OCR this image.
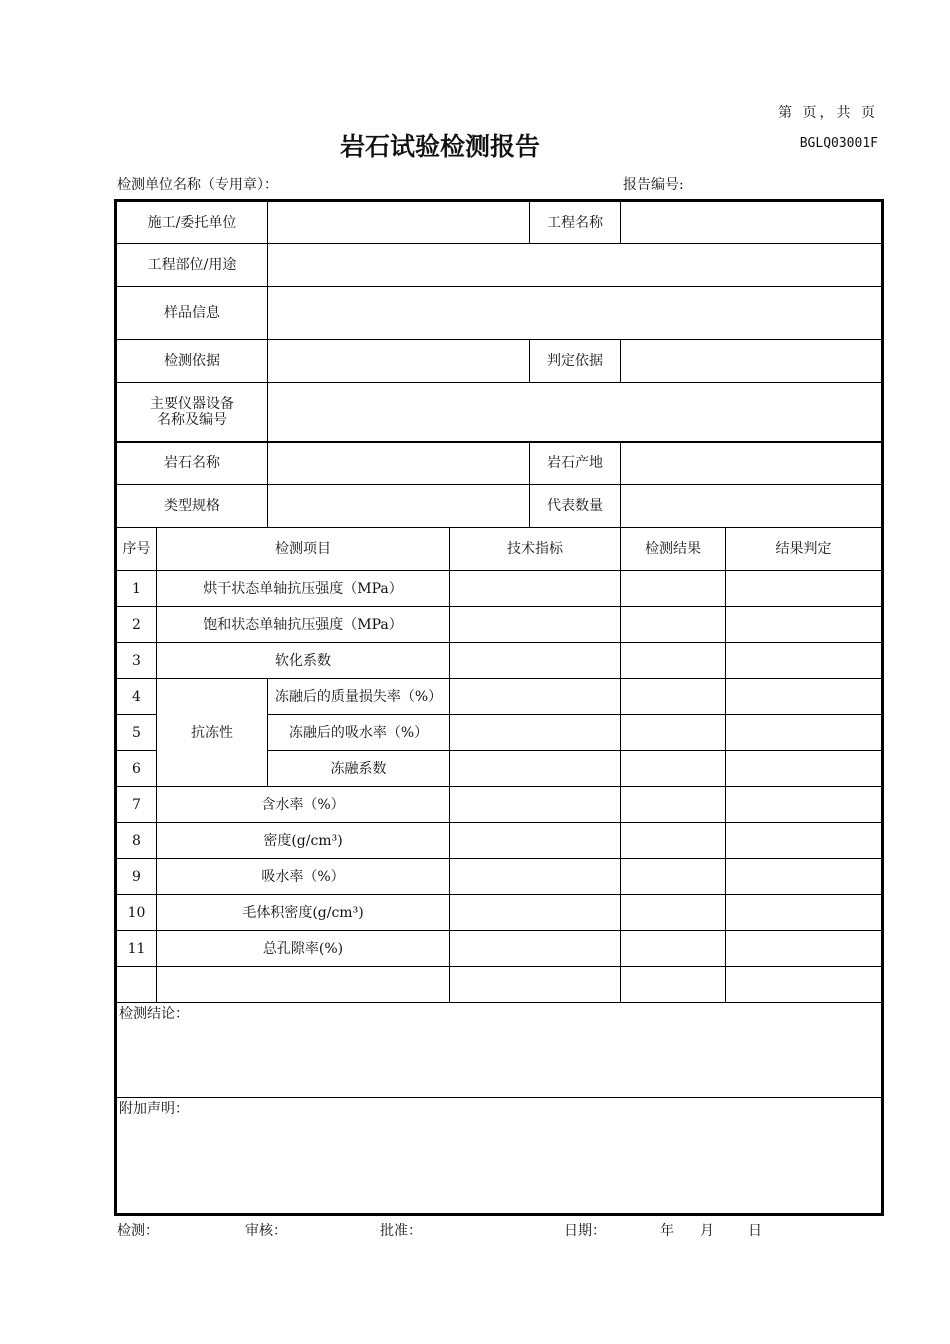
第 页，共 页
岩石试验检测报告	BGLQ03001F
检测单位名称（专用章）：	报告编号:
施工/委托单位				工程名称		
工程部位/用途						
样品信息						
检测依据				判定依据		

主要仪器设备
名称及编号						

岩石名称				岩石产地		
类型规格				代表数量		
序号	检测项目		技术指标		检测结果	结果判定
1	烘干状态单轴抗压强度（MPa）					
2	饱和状态单轴抗压强度（MPa）					
3	软化系数					
4	抗冻性	冻融后的质量损失率（%）				
5		冻融后的吸水率（%）				
6		冻融系数				
7	含水率（%）					
8	密度(g/cm³)					
9	吸水率（%）					
10	毛体积密度(g/cm³)					
11	总孔隙率(%)					

检测结论：						
附加声明：						
检测：	审核：	批准：	日期：	年 月 日
